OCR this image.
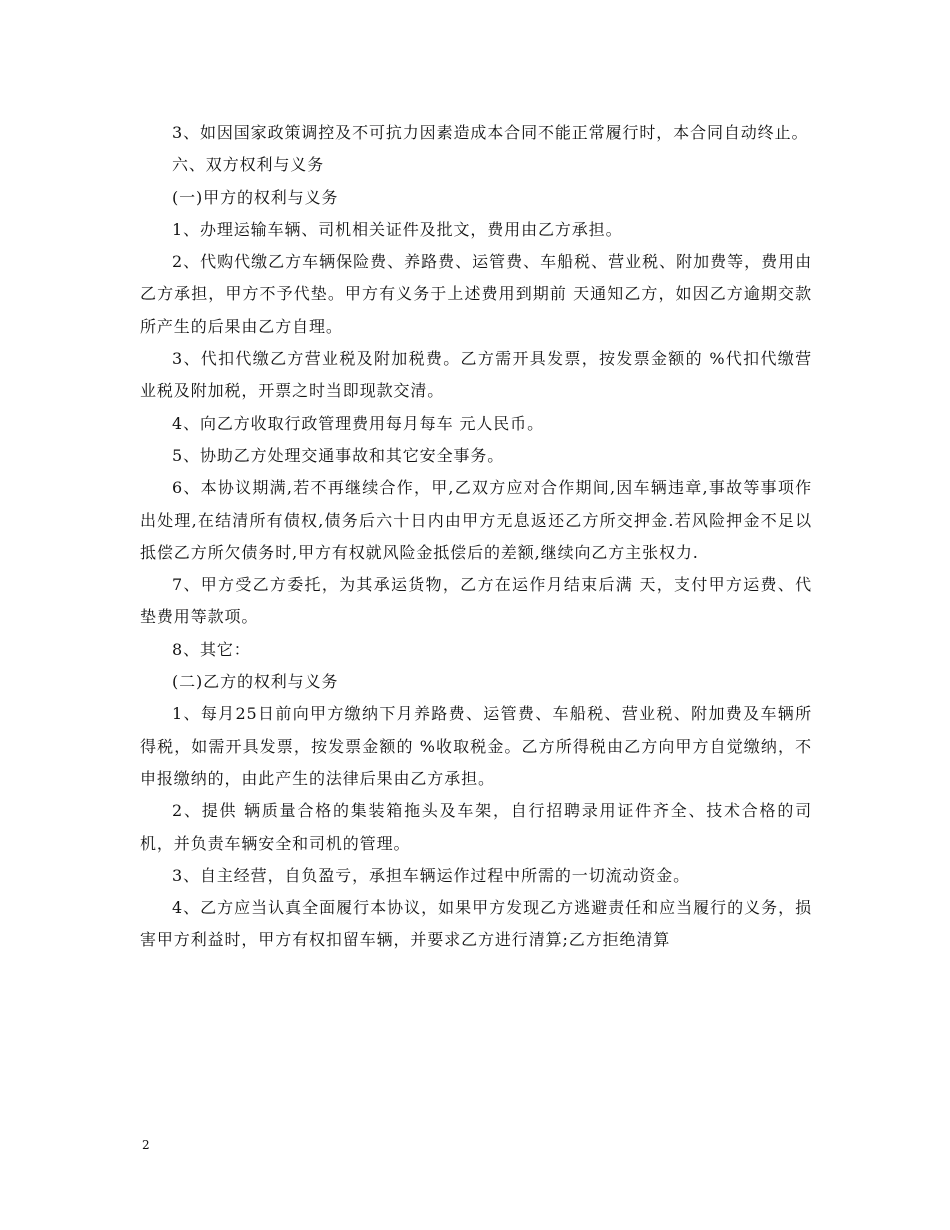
3、如因国家政策调控及不可抗力因素造成本合同不能正常履行时，本合同自动终止。

六、双方权利与义务

(一)甲方的权利与义务

1、办理运输车辆、司机相关证件及批文，费用由乙方承担。

2、代购代缴乙方车辆保险费、养路费、运管费、车船税、营业税、附加费等，费用由乙方承担，甲方不予代垫。甲方有义务于上述费用到期前 天通知乙方，如因乙方逾期交款所产生的后果由乙方自理。

3、代扣代缴乙方营业税及附加税费。乙方需开具发票，按发票金额的 %代扣代缴营业税及附加税，开票之时当即现款交清。

4、向乙方收取行政管理费用每月每车 元人民币。

5、协助乙方处理交通事故和其它安全事务。

6、本协议期满,若不再继续合作，甲,乙双方应对合作期间,因车辆违章,事故等事项作出处理,在结清所有债权,债务后六十日内由甲方无息返还乙方所交押金.若风险押金不足以抵偿乙方所欠债务时,甲方有权就风险金抵偿后的差额,继续向乙方主张权力.

7、甲方受乙方委托，为其承运货物，乙方在运作月结束后满 天，支付甲方运费、代垫费用等款项。

8、其它：

(二)乙方的权利与义务

1、每月25日前向甲方缴纳下月养路费、运管费、车船税、营业税、附加费及车辆所得税，如需开具发票，按发票金额的 %收取税金。乙方所得税由乙方向甲方自觉缴纳，不申报缴纳的，由此产生的法律后果由乙方承担。

2、提供 辆质量合格的集装箱拖头及车架，自行招聘录用证件齐全、技术合格的司机，并负责车辆安全和司机的管理。

3、自主经营，自负盈亏，承担车辆运作过程中所需的一切流动资金。

4、乙方应当认真全面履行本协议，如果甲方发现乙方逃避责任和应当履行的义务，损害甲方利益时，甲方有权扣留车辆，并要求乙方进行清算;乙方拒绝清算

2
